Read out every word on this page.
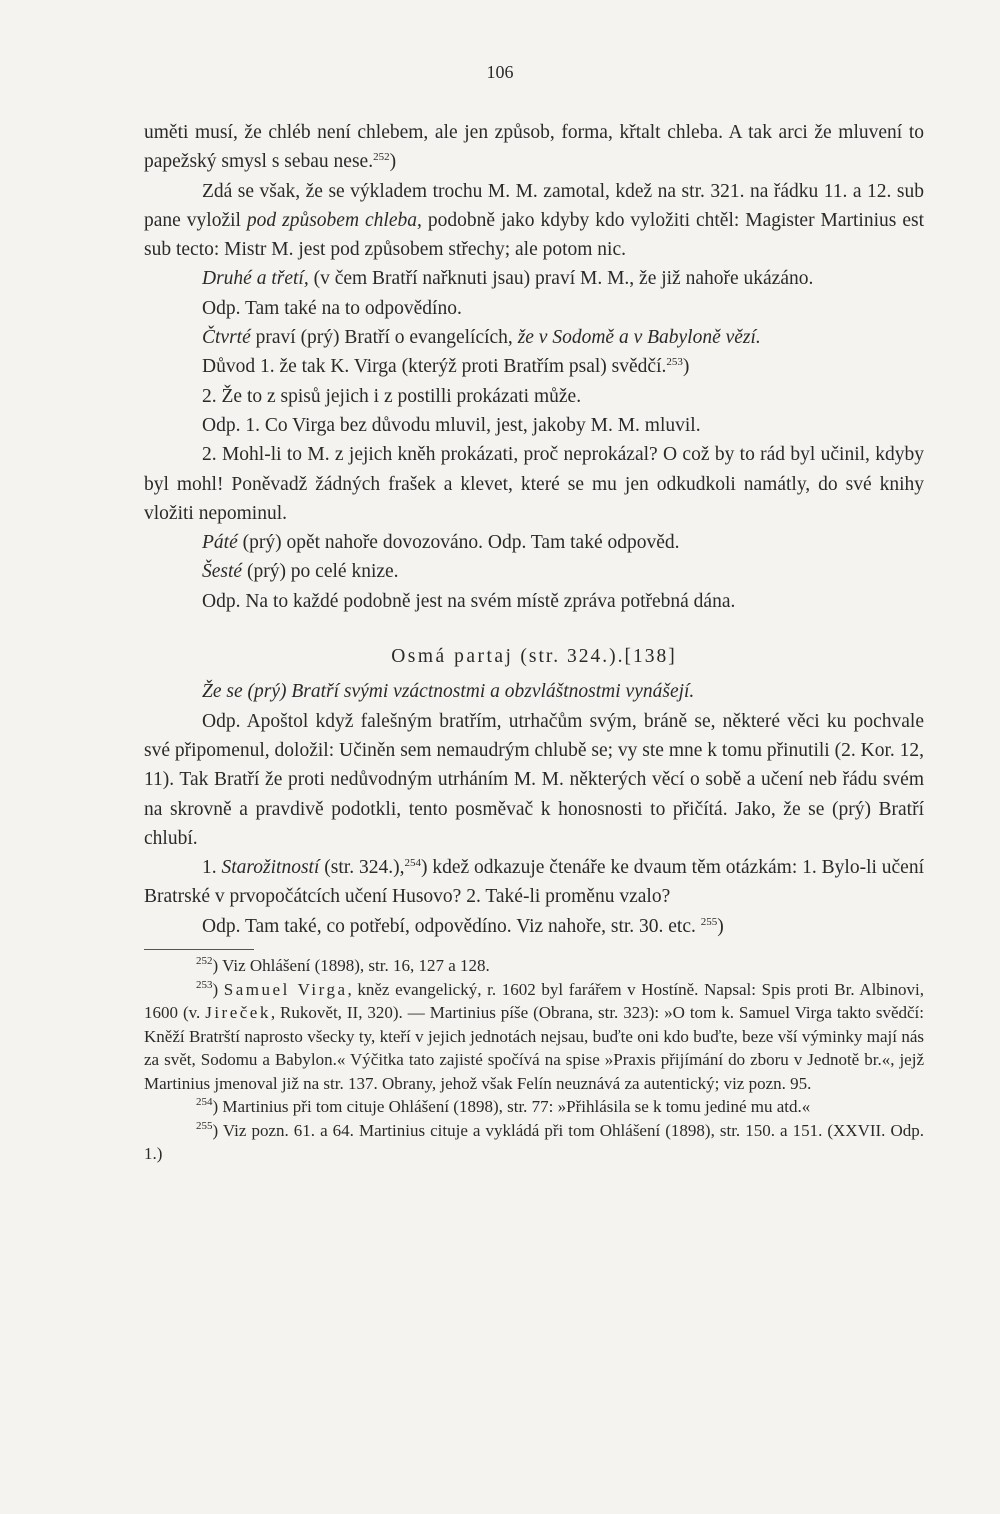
106

uměti musí, že chléb není chlebem, ale jen způsob, forma, křtalt chleba. A tak arci že mluvení to papežský smysl s sebau nese.$^{252}$)

Zdá se však, že se výkladem trochu M. M. zamotal, kdež na str. 321. na řádku 11. a 12. sub pane vyložil pod způsobem chleba, podobně jako kdyby kdo vyložiti chtěl: Magister Martinius est sub tecto: Mistr M. jest pod způsobem střechy; ale potom nic.

Druhé a třetí, (v čem Bratří nařknuti jsau) praví M. M., že již nahoře ukázáno.

Odp. Tam také na to odpovědíno.

Čtvrté praví (prý) Bratří o evangelících, že v Sodomě a v Babyloně vězí.

Důvod 1. že tak K. Virga (kterýž proti Bratřím psal) svědčí.$^{253}$)

2. Že to z spisů jejich i z postilli prokázati může.

Odp. 1. Co Virga bez důvodu mluvil, jest, jakoby M. M. mluvil.

2. Mohl-li to M. z jejich kněh prokázati, proč neprokázal? O což by to rád byl učinil, kdyby byl mohl! Poněvadž žádných frašek a klevet, které se mu jen odkudkoli namátly, do své knihy vložiti nepominul.

Páté (prý) opět nahoře dovozováno. Odp. Tam také odpověd.

Šesté (prý) po celé knize.

Odp. Na to každé podobně jest na svém místě zpráva potřebná dána.

Osmá partaj (str. 324.).[138]

Že se (prý) Bratří svými vzáctnostmi a obzvláštnostmi vynášejí.

Odp. Apoštol když falešným bratřím, utrhačům svým, bráně se, některé věci ku pochvale své připomenul, doložil: Učiněn sem nemaudrým chlubě se; vy ste mne k tomu přinutili (2. Kor. 12, 11). Tak Bratří že proti nedůvodným utrháním M. M. některých věcí o sobě a učení neb řádu svém na skrovně a pravdivě podotkli, tento posměvač k honosnosti to přičítá. Jako, že se (prý) Bratří chlubí.

1. Starožitností (str. 324.),$^{254}$) kdež odkazuje čtenáře ke dvaum těm otázkám: 1. Bylo-li učení Bratrské v prvopočátcích učení Husovo? 2. Také-li proměnu vzalo?

Odp. Tam také, co potřebí, odpovědíno. Viz nahoře, str. 30. etc. $^{255}$)

$^{252}$) Viz Ohlášení (1898), str. 16, 127 a 128.

$^{253}$) Samuel Virga, kněz evangelický, r. 1602 byl farářem v Hostíně. Napsal: Spis proti Br. Albinovi, 1600 (v. Jireček, Rukovět, II, 320). — Martinius píše (Obrana, str. 323): »O tom k. Samuel Virga takto svědčí: Kněží Bratrští naprosto všecky ty, kteří v jejich jednotách nejsau, buďte oni kdo buďte, beze vší výminky mají nás za svět, Sodomu a Babylon.« Výčitka tato zajisté spočívá na spise »Praxis přijímání do zboru v Jednotě br.«, jejž Martinius jmenoval již na str. 137. Obrany, jehož však Felín neuznává za autentický; viz pozn. 95.

$^{254}$) Martinius při tom cituje Ohlášení (1898), str. 77: »Přihlásila se k tomu jediné mu atd.«

$^{255}$) Viz pozn. 61. a 64. Martinius cituje a vykládá při tom Ohlášení (1898), str. 150. a 151. (XXVII. Odp. 1.)
